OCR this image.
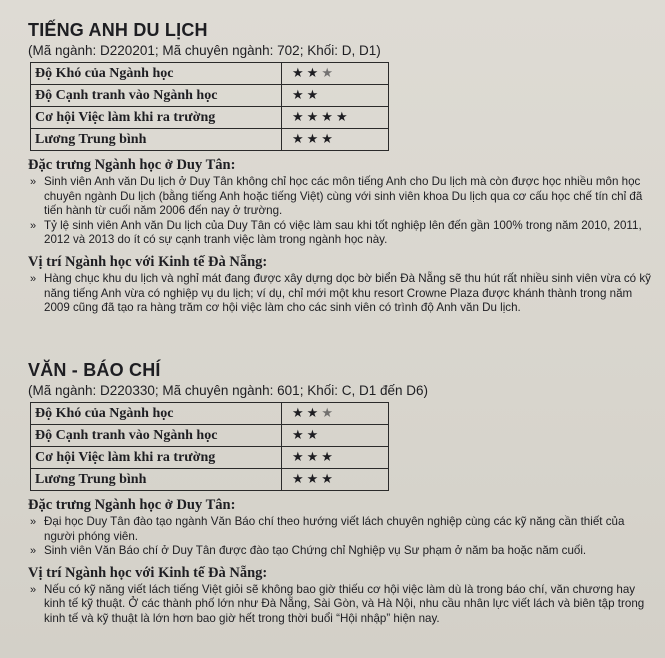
TIẾNG ANH DU LỊCH
(Mã ngành: D220201; Mã chuyên ngành: 702; Khối: D, D1)
Độ Khó của Ngành học	★★★
Độ Cạnh tranh vào Ngành học	★★
Cơ hội Việc làm khi ra trường	★★★★
Lương Trung bình	★★★
Đặc trưng Ngành học ở Duy Tân:
» Sinh viên Anh văn Du lịch ở Duy Tân không chỉ học các môn tiếng Anh cho Du lịch mà còn được học nhiều môn học chuyên ngành Du lịch (bằng tiếng Anh hoặc tiếng Việt) cùng với sinh viên khoa Du lịch qua cơ cấu học chế tín chỉ đã tiến hành từ cuối năm 2006 đến nay ở trường.
» Tỷ lệ sinh viên Anh văn Du lịch của Duy Tân có việc làm sau khi tốt nghiệp lên đến gần 100% trong năm 2010, 2011, 2012 và 2013 do ít có sự cạnh tranh việc làm trong ngành học này.
Vị trí Ngành học với Kinh tế Đà Nẵng:
» Hàng chục khu du lịch và nghỉ mát đang được xây dựng dọc bờ biển Đà Nẵng sẽ thu hút rất nhiều sinh viên vừa có kỹ năng tiếng Anh vừa có nghiệp vụ du lịch; ví dụ, chỉ mới một khu resort Crowne Plaza được khánh thành trong năm 2009 cũng đã tạo ra hàng trăm cơ hội việc làm cho các sinh viên có trình độ Anh văn Du lịch.
VĂN - BÁO CHÍ
(Mã ngành: D220330; Mã chuyên ngành: 601; Khối: C, D1 đến D6)
Độ Khó của Ngành học	★★★
Độ Cạnh tranh vào Ngành học	★★
Cơ hội Việc làm khi ra trường	★★★
Lương Trung bình	★★★
Đặc trưng Ngành học ở Duy Tân:
» Đại học Duy Tân đào tạo ngành Văn Báo chí theo hướng viết lách chuyên nghiệp cùng các kỹ năng cần thiết của người phóng viên.
» Sinh viên Văn Báo chí ở Duy Tân được đào tạo Chứng chỉ Nghiệp vụ Sư phạm ở năm ba hoặc năm cuối.
Vị trí Ngành học với Kinh tế Đà Nẵng:
» Nếu có kỹ năng viết lách tiếng Việt giỏi sẽ không bao giờ thiếu cơ hội việc làm dù là trong báo chí, văn chương hay kinh tế kỹ thuật. Ở các thành phố lớn như Đà Nẵng, Sài Gòn, và Hà Nội, nhu cầu nhân lực viết lách và biên tập trong kinh tế và kỹ thuật là lớn hơn bao giờ hết trong thời buổi “Hội nhập” hiện nay.
